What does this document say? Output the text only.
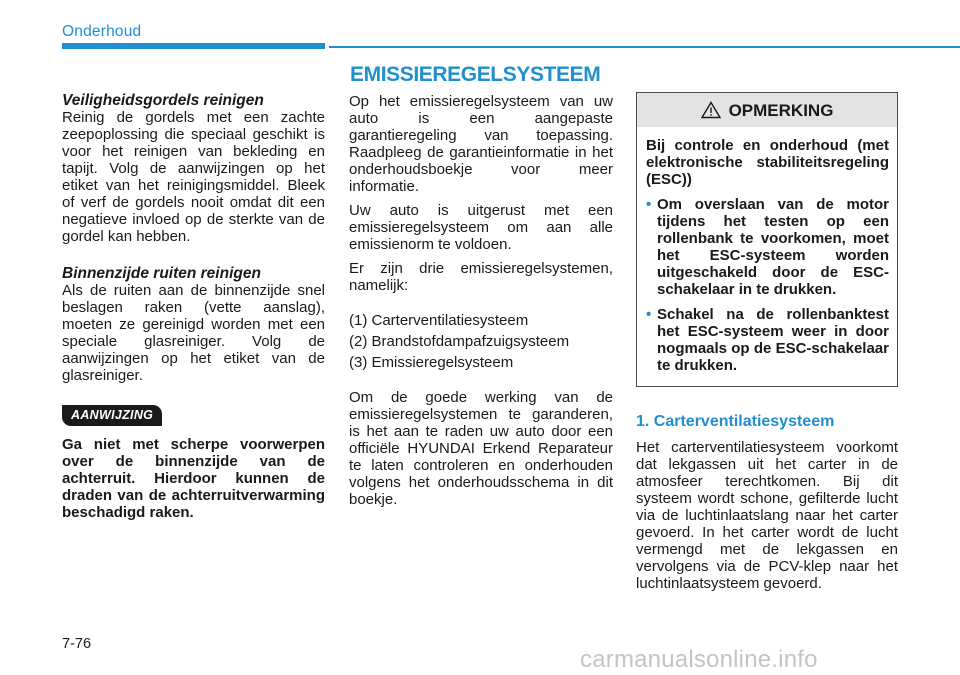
Onderhoud
EMISSIEREGELSYSTEEM

Veiligheidsgordels reinigen

Reinig de gordels met een zachte zeepoplossing die speciaal geschikt is voor het reinigen van bekleding en tapijt. Volg de aanwijzingen op het etiket van het reinigingsmiddel. Bleek of verf de gordels nooit omdat dit een negatieve invloed op de sterkte van de gordel kan hebben.

Binnenzijde ruiten reinigen

Als de ruiten aan de binnenzijde snel beslagen raken (vette aanslag), moeten ze gereinigd worden met een speciale glasreiniger. Volg de aanwijzingen op het etiket van de glasreiniger.

AANWIJZING

Ga niet met scherpe voorwerpen over de binnenzijde van de achterruit. Hierdoor kunnen de draden van de achterruitverwarming beschadigd raken.

Op het emissieregelsysteem van uw auto is een aangepaste garantieregeling van toepassing. Raadpleeg de garantieinformatie in het onderhoudsboekje voor meer informatie.

Uw auto is uitgerust met een emissieregelsysteem om aan alle emissienorm te voldoen.

Er zijn drie emissieregelsystemen, namelijk:

(1) Carterventilatiesysteem

(2) Brandstofdampafzuigsysteem

(3) Emissieregelsysteem

Om de goede werking van de emissieregelsystemen te garanderen, is het aan te raden uw auto door een officiële HYUNDAI Erkend Reparateur te laten controleren en onderhouden volgens het onderhoudsschema in dit boekje.

OPMERKING

Bij controle en onderhoud (met elektronische stabiliteitsregeling (ESC))

• Om overslaan van de motor tijdens het testen op een rollenbank te voorkomen, moet het ESC-systeem worden uitgeschakeld door de ESC-schakelaar in te drukken.
• Schakel na de rollenbanktest het ESC-systeem weer in door nogmaals op de ESC-schakelaar te drukken.

1. Carterventilatiesysteem

Het carterventilatiesysteem voorkomt dat lekgassen uit het carter in de atmosfeer terechtkomen. Bij dit systeem wordt schone, gefilterde lucht via de luchtinlaatslang naar het carter gevoerd. In het carter wordt de lucht vermengd met de lekgassen en vervolgens via de PCV-klep naar het luchtinlaatsysteem gevoerd.

7-76
carmanualsonline.info
